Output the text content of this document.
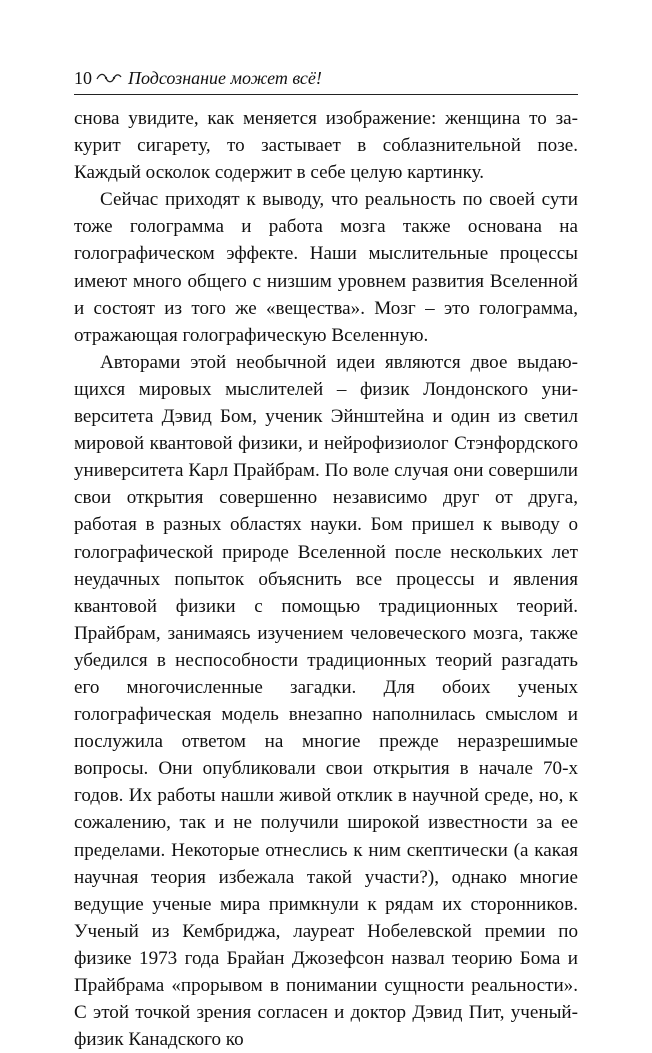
10 Подсознание может всё!

снова увидите, как меняется изображение: женщина то закурит сигарету, то застывает в соблазнительной позе. Каждый осколок содержит в себе целую картинку.

Сейчас приходят к выводу, что реальность по своей сути тоже голограмма и работа мозга также основана на голографическом эффекте. Наши мыслительные процессы имеют много общего с низшим уровнем развития Вселенной и состоят из того же «вещества». Мозг – это голограмма, отражающая голографическую Вселенную.

Авторами этой необычной идеи являются двое выдающихся мировых мыслителей – физик Лондонского университета Дэвид Бом, ученик Эйнштейна и один из светил мировой квантовой физики, и нейрофизиолог Стэнфордского университета Карл Прайбрам. По воле случая они совершили свои открытия совершенно независимо друг от друга, работая в разных областях науки. Бом пришел к выводу о голографической природе Вселенной после нескольких лет неудачных попыток объяснить все процессы и явления квантовой физики с помощью традиционных теорий. Прайбрам, занимаясь изучением человеческого мозга, также убедился в неспособности традиционных теорий разгадать его многочисленные загадки. Для обоих ученых голографическая модель внезапно наполнилась смыслом и послужила ответом на многие прежде неразрешимые вопросы. Они опубликовали свои открытия в начале 70-х годов. Их работы нашли живой отклик в научной среде, но, к сожалению, так и не получили широкой известности за ее пределами. Некоторые отнеслись к ним скептически (а какая научная теория избежала такой участи?), однако многие ведущие ученые мира примкнули к рядам их сторонников. Ученый из Кембриджа, лауреат Нобелевской премии по физике 1973 года Брайан Джозефсон назвал теорию Бома и Прайбрама «прорывом в понимании сущности реальности». С этой точкой зрения согласен и доктор Дэвид Пит, ученый-физик Канадского ко
